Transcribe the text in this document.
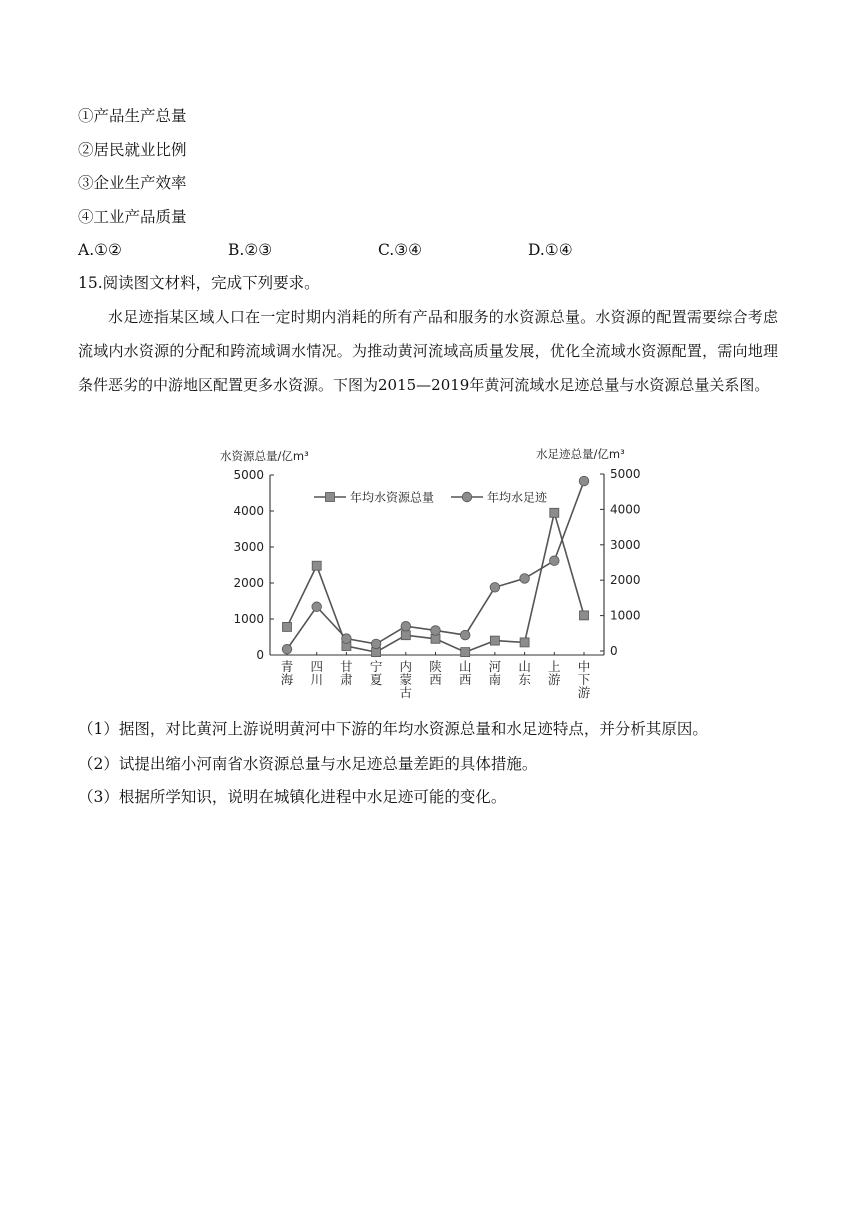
①产品生产总量
②居民就业比例
③企业生产效率
④工业产品质量
A.①②	B.②③	C.③④	D.①④
15.阅读图文材料，完成下列要求。
水足迹指某区域人口在一定时期内消耗的所有产品和服务的水资源总量。水资源的配置需要综合考虑流域内水资源的分配和跨流域调水情况。为推动黄河流域高质量发展，优化全流域水资源配置，需向地理条件恶劣的中游地区配置更多水资源。下图为2015—2019年黄河流域水足迹总量与水资源总量关系图。
水资源总量/亿m³	水足迹总量/亿m³
5000
4000
3000
2000
1000
0
5000
4000
3000
2000
1000
0
年均水资源总量	年均水足迹
青海
四川
甘肃
宁夏
内蒙古
陕西
山西
河南
山东
上游
中下游
（1）据图，对比黄河上游说明黄河中下游的年均水资源总量和水足迹特点，并分析其原因。
（2）试提出缩小河南省水资源总量与水足迹总量差距的具体措施。
（3）根据所学知识，说明在城镇化进程中水足迹可能的变化。
